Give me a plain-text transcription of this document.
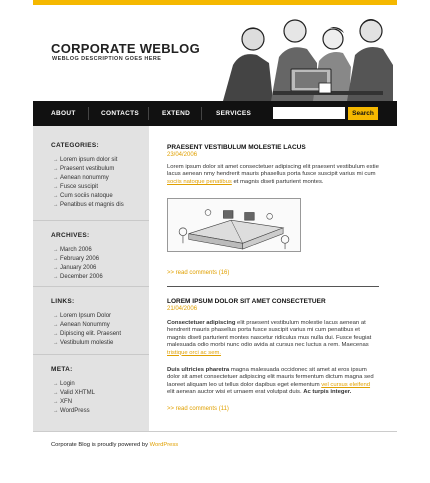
CORPORATE WEBLOG
WEBLOG DESCRIPTION GOES HERE
ABOUT	CONTACTS	EXTEND	SERVICES	Search
CATEGORIES:
→ Lorem ipsum dolor sit
→ Praesent vestibulum
→ Aenean nonummy
→ Fusce suscipit
→ Cum sociis natoque
→ Penatibus et magnis dis
ARCHIVES:
→ March 2006
→ February 2006
→ January 2006
→ December 2006
LINKS:
→ Lorem Ipsum Dolor
→ Aenean Nonummy
→ Dipiscing elit. Praesent
→ Vestibulum molestie
META:
→ Login
→ Valid XHTML
→ XFN
→ WordPress
PRAESENT VESTIBULUM MOLESTIE LACUS
23/04/2006
Lorem ipsum dolor sit amet consectetuer adipiscing elit praesent vestibulum estie lacus aenean nmy hendrerit mauris phasellus porta fusce suscipit varius mi cum sociis natoque penatibus et magnis diseti parturient montes.
>> read comments (16)
LOREM IPSUM DOLOR SIT AMET CONSECTETUER
21/04/2006
Consectetuer adipiscing elit praesent vestibulum molestie lacus aenean at hendrerit mauris phasellus porta fusce suscipit varius mi cum penatibus et magnis diseti parturient montes nascetur ridiculus mus nulla dui. Fusce feugiat malesuada odio morbi nunc odio avida at cursus nec luctus a rem. Maecenas tristique orci ac sem.
Duis ultricies pharetra magna malesuada occidonec sit amet at eros ipsum dolor sit amet consectetuer adipiscing elit mauris fermentum dictum magna sed laoreet aliquam leo ut tellus dolor dapibus eget elementum vel cursus eleifend elit aenean auctor wisi et urnaem erat volutpat duis. Ac turpis integer.
>> read comments (11)
Corporate Blog is proudly powered by WordPress
